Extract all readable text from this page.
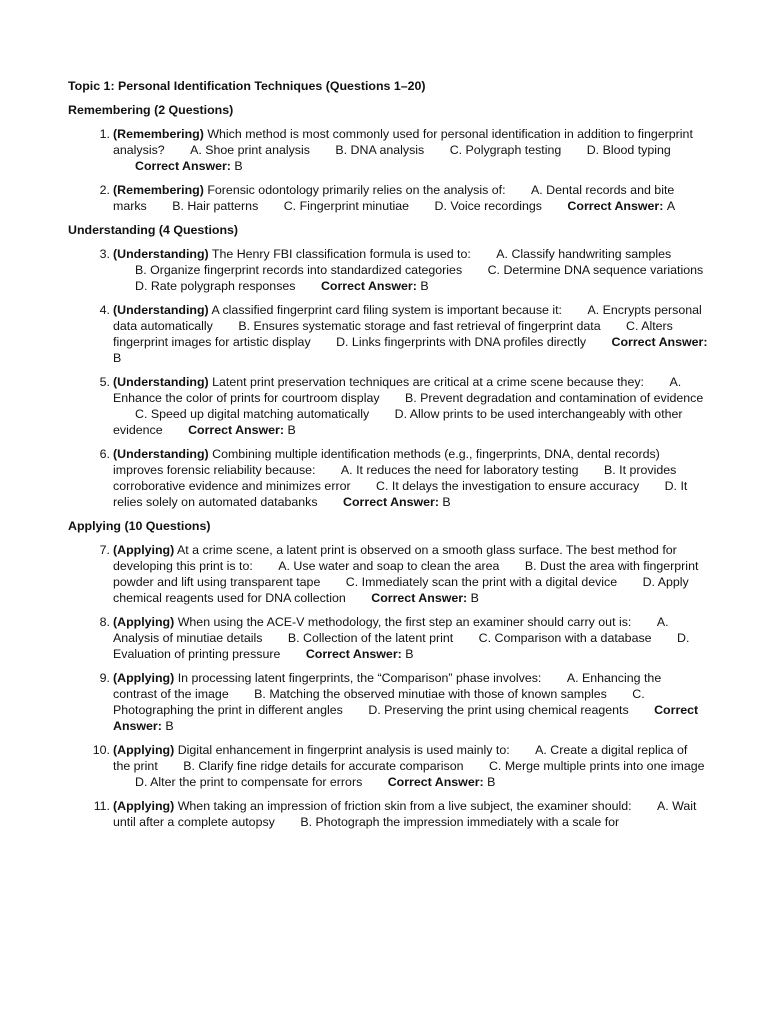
Topic 1: Personal Identification Techniques (Questions 1–20)
Remembering (2 Questions)
1. (Remembering) Which method is most commonly used for personal identification in addition to fingerprint analysis? A. Shoe print analysis B. DNA analysis C. Polygraph testing D. Blood typing Correct Answer: B
2. (Remembering) Forensic odontology primarily relies on the analysis of: A. Dental records and bite marks B. Hair patterns C. Fingerprint minutiae D. Voice recordings Correct Answer: A
Understanding (4 Questions)
3. (Understanding) The Henry FBI classification formula is used to: A. Classify handwriting samples B. Organize fingerprint records into standardized categories C. Determine DNA sequence variations D. Rate polygraph responses Correct Answer: B
4. (Understanding) A classified fingerprint card filing system is important because it: A. Encrypts personal data automatically B. Ensures systematic storage and fast retrieval of fingerprint data C. Alters fingerprint images for artistic display D. Links fingerprints with DNA profiles directly Correct Answer: B
5. (Understanding) Latent print preservation techniques are critical at a crime scene because they: A. Enhance the color of prints for courtroom display B. Prevent degradation and contamination of evidence C. Speed up digital matching automatically D. Allow prints to be used interchangeably with other evidence Correct Answer: B
6. (Understanding) Combining multiple identification methods (e.g., fingerprints, DNA, dental records) improves forensic reliability because: A. It reduces the need for laboratory testing B. It provides corroborative evidence and minimizes error C. It delays the investigation to ensure accuracy D. It relies solely on automated databanks Correct Answer: B
Applying (10 Questions)
7. (Applying) At a crime scene, a latent print is observed on a smooth glass surface. The best method for developing this print is to: A. Use water and soap to clean the area B. Dust the area with fingerprint powder and lift using transparent tape C. Immediately scan the print with a digital device D. Apply chemical reagents used for DNA collection Correct Answer: B
8. (Applying) When using the ACE-V methodology, the first step an examiner should carry out is: A. Analysis of minutiae details B. Collection of the latent print C. Comparison with a database D. Evaluation of printing pressure Correct Answer: B
9. (Applying) In processing latent fingerprints, the “Comparison” phase involves: A. Enhancing the contrast of the image B. Matching the observed minutiae with those of known samples C. Photographing the print in different angles D. Preserving the print using chemical reagents Correct Answer: B
10. (Applying) Digital enhancement in fingerprint analysis is used mainly to: A. Create a digital replica of the print B. Clarify fine ridge details for accurate comparison C. Merge multiple prints into one image D. Alter the print to compensate for errors Correct Answer: B
11. (Applying) When taking an impression of friction skin from a live subject, the examiner should: A. Wait until after a complete autopsy B. Photograph the impression immediately with a scale for
